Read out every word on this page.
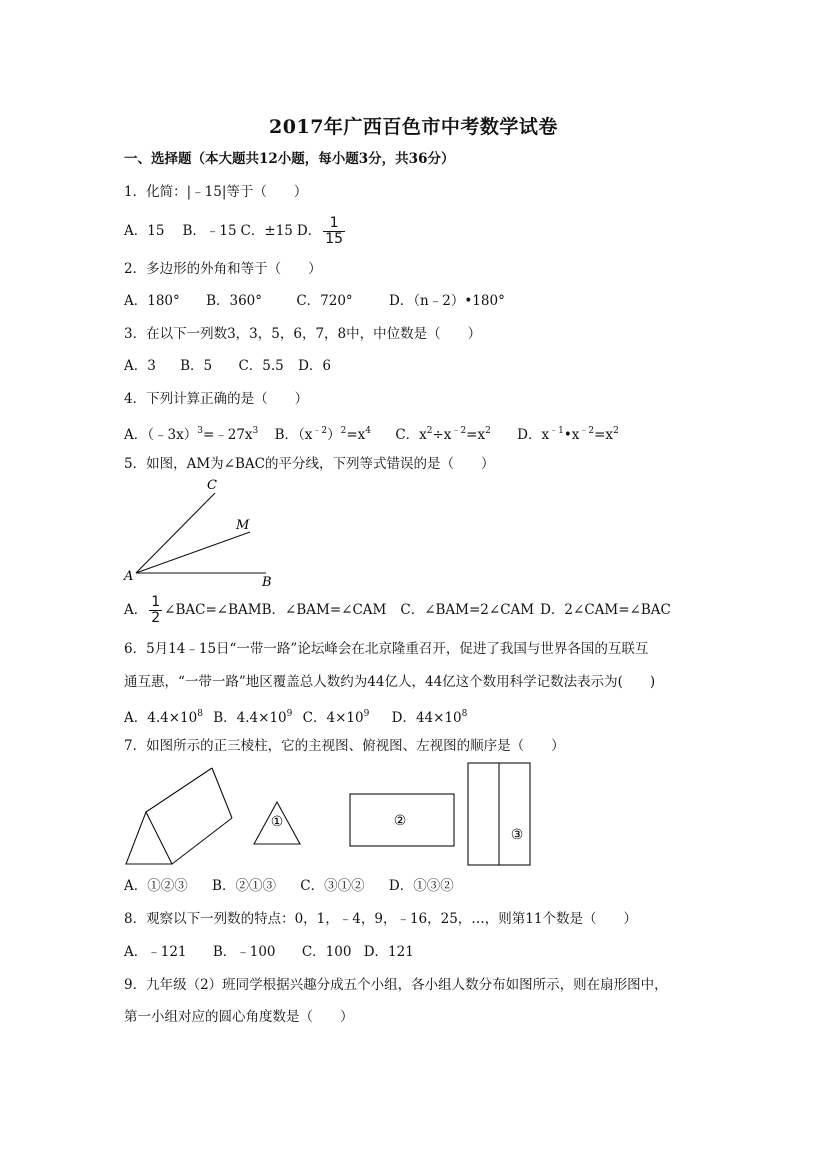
2017年广西百色市中考数学试卷
一、选择题（本大题共12小题，每小题3分，共36分）
1．化简：|﹣15|等于（　　）
A．15 B．﹣15 C．±15 D． $\frac{1}{15}$
2．多边形的外角和等于（　　）
A．180° B．360°	C．720°	D．（n﹣2）•180°
3．在以下一列数3，3，5，6，7，8中，中位数是（　　）
A．3 B．5 C．5.5 D．6
4．下列计算正确的是（　　）
A．$(﹣3x)^3=﹣27x^3$ B．$(x^{﹣2})^2=x^4$ C．$x^2\div x^{﹣2}=x^2$ D．$x^{﹣1}•x^{﹣2}=x^2$
5．如图，AM为∠BAC的平分线，下列等式错误的是（　　）
C
M
A	B
A． $\frac{1}{2}$ ∠BAC=∠BAMB．∠BAM=∠CAM C．∠BAM=2∠CAM D．2∠CAM=∠BAC
6．5月14﹣15日“一带一路”论坛峰会在北京隆重召开，促进了我国与世界各国的互联互
通互惠，“一带一路”地区覆盖总人数约为44亿人，44亿这个数用科学记数法表示为(　　)
A．$4.4\times 10^8$ B．$4.4\times 10^9$ C．$4\times 10^9$ D．$44\times 10^8$
7．如图所示的正三棱柱，它的主视图、俯视图、左视图的顺序是（　　）
①	②
③
A．①②③ B．②①③ C．③①② D．①③②
8．观察以下一列数的特点：0，1，﹣4，9，﹣16，25，…，则第11个数是（　　）
A．﹣121 B．﹣100 C．100 D．121
9．九年级（2）班同学根据兴趣分成五个小组，各小组人数分布如图所示，则在扇形图中，
第一小组对应的圆心角度数是（　　）
